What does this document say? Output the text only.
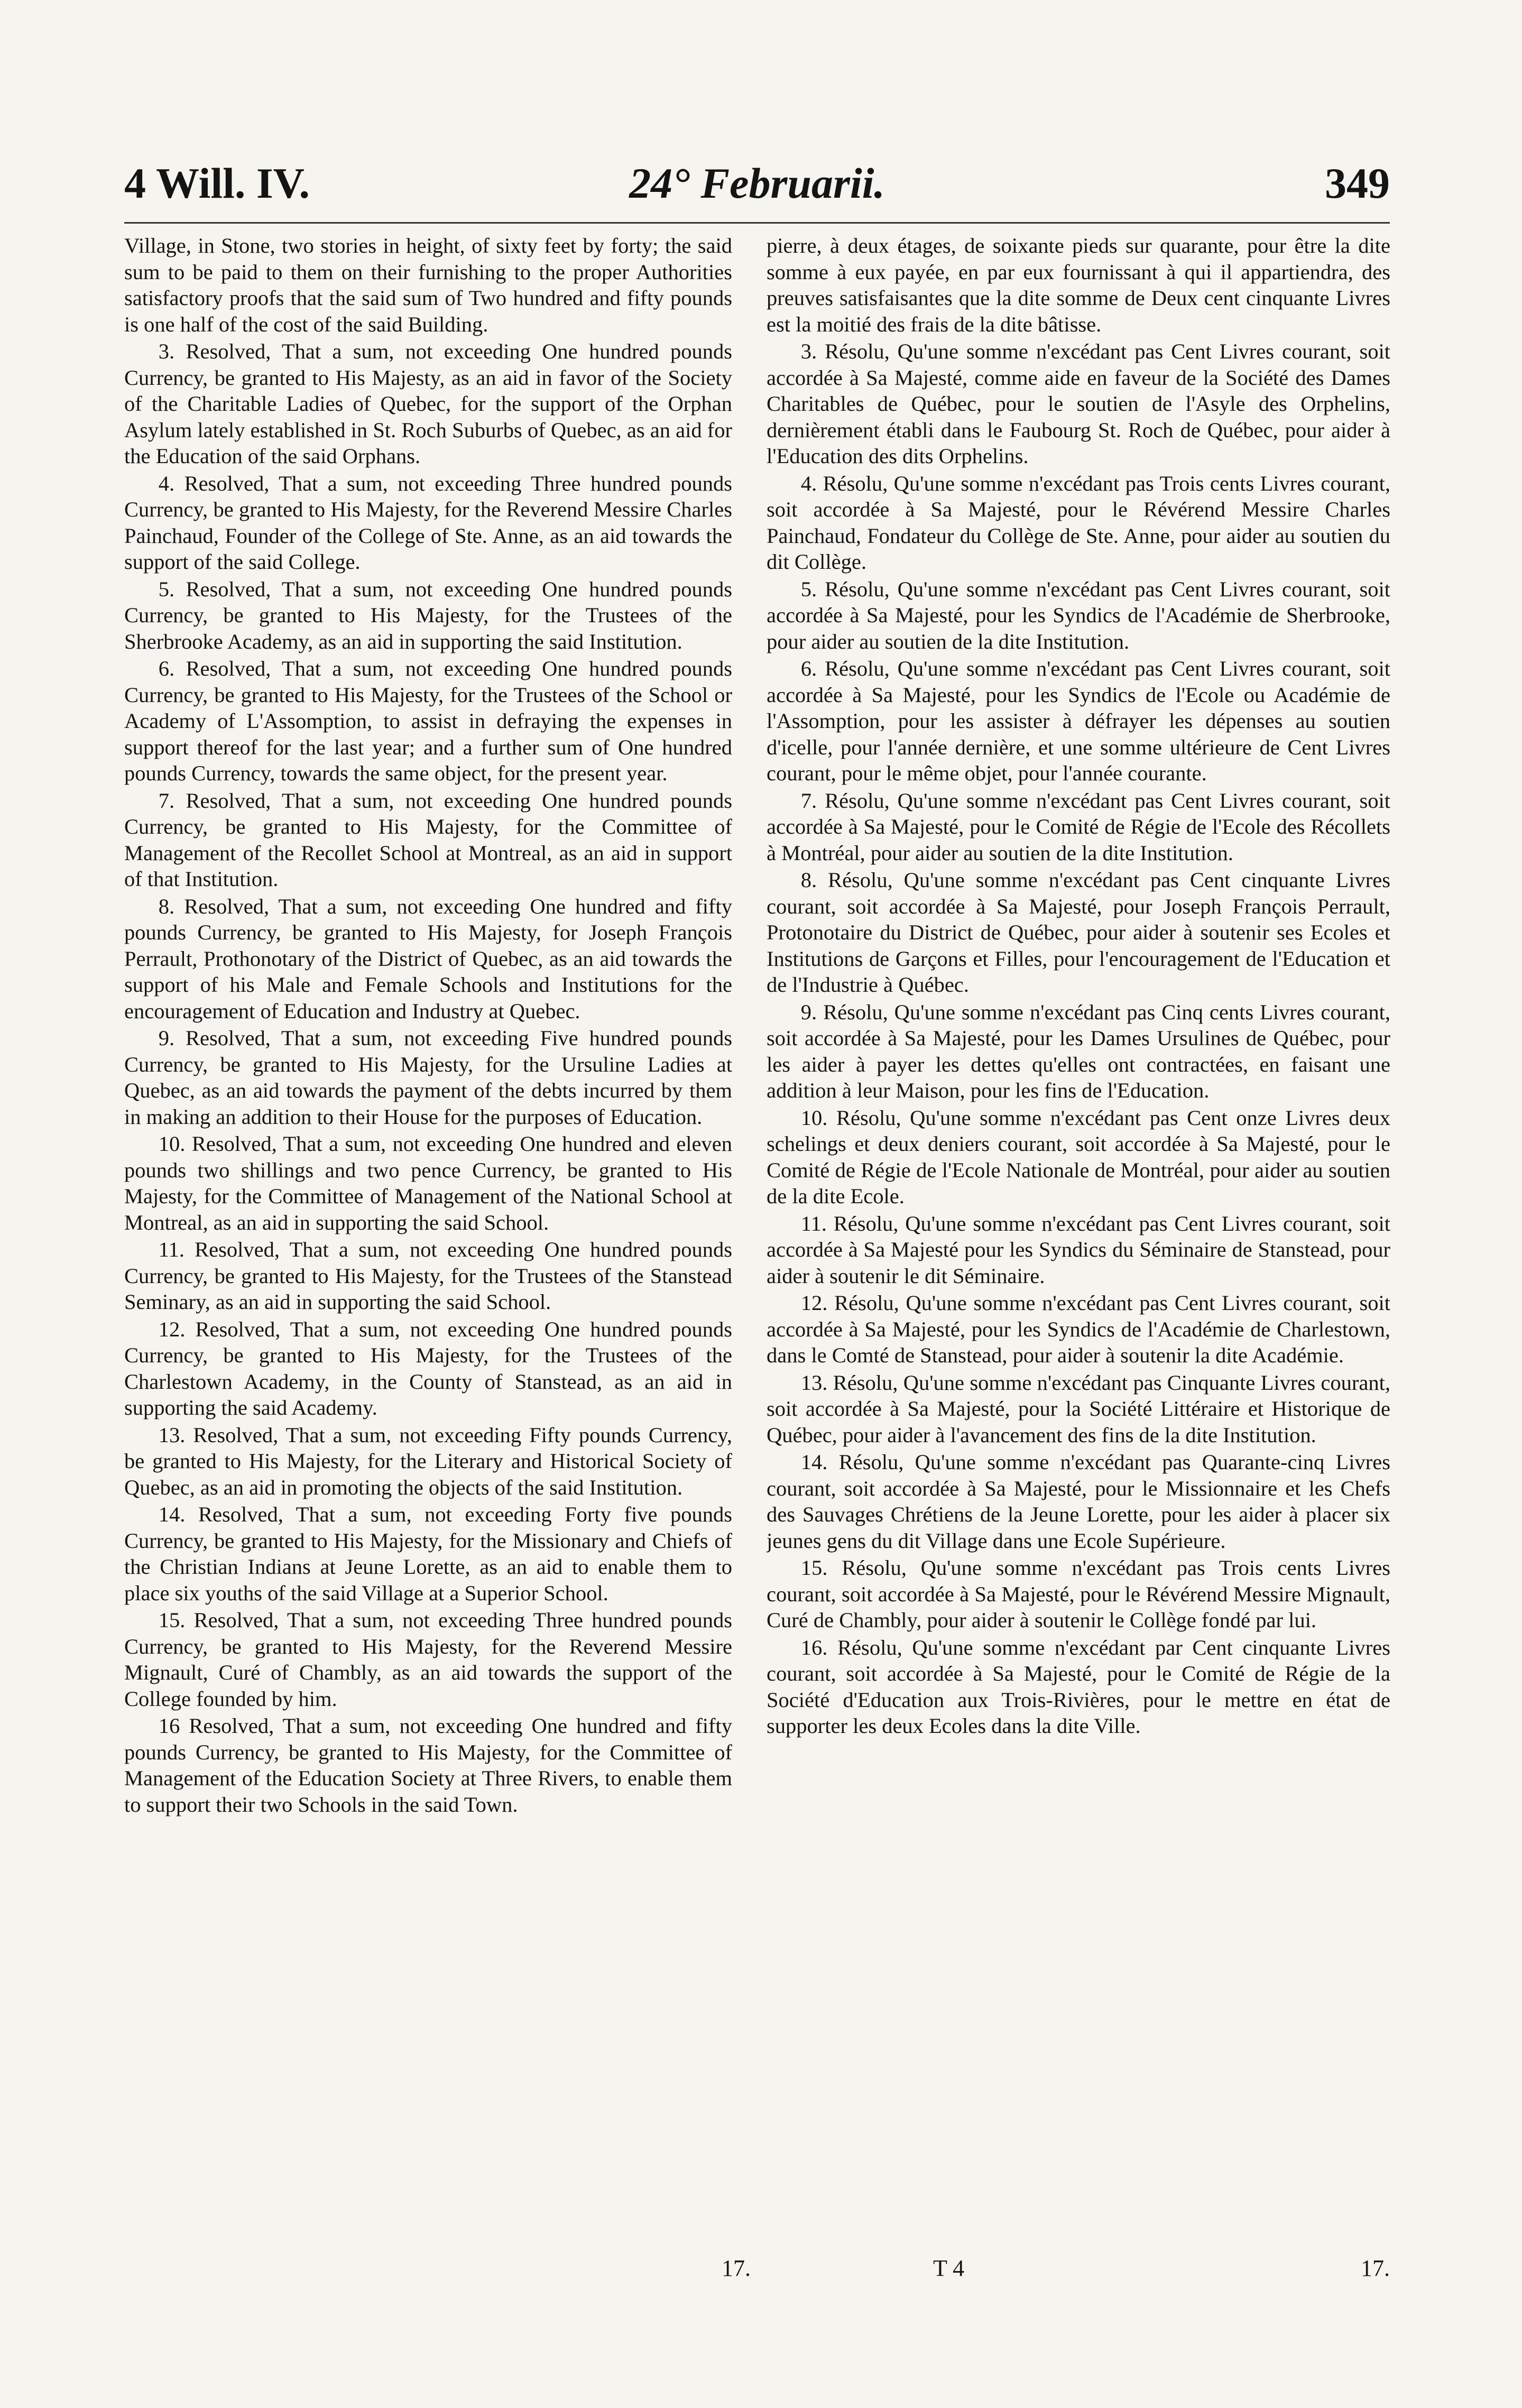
4 Will. IV.	24° Februarii.	349

Village, in Stone, two stories in height, of sixty feet by forty; the said sum to be paid to them on their furnishing to the proper Authorities satisfactory proofs that the said sum of Two hundred and fifty pounds is one half of the cost of the said Building.

3. Resolved, That a sum, not exceeding One hundred pounds Currency, be granted to His Majesty, as an aid in favor of the Society of the Charitable Ladies of Quebec, for the support of the Orphan Asylum lately established in St. Roch Suburbs of Quebec, as an aid for the Education of the said Orphans.

4. Resolved, That a sum, not exceeding Three hundred pounds Currency, be granted to His Majesty, for the Reverend Messire Charles Painchaud, Founder of the College of Ste. Anne, as an aid towards the support of the said College.

5. Resolved, That a sum, not exceeding One hundred pounds Currency, be granted to His Majesty, for the Trustees of the Sherbrooke Academy, as an aid in supporting the said Institution.

6. Resolved, That a sum, not exceeding One hundred pounds Currency, be granted to His Majesty, for the Trustees of the School or Academy of L'Assomption, to assist in defraying the expenses in support thereof for the last year; and a further sum of One hundred pounds Currency, towards the same object, for the present year.

7. Resolved, That a sum, not exceeding One hundred pounds Currency, be granted to His Majesty, for the Committee of Management of the Recollet School at Montreal, as an aid in support of that Institution.

8. Resolved, That a sum, not exceeding One hundred and fifty pounds Currency, be granted to His Majesty, for Joseph François Perrault, Prothonotary of the District of Quebec, as an aid towards the support of his Male and Female Schools and Institutions for the encouragement of Education and Industry at Quebec.

9. Resolved, That a sum, not exceeding Five hundred pounds Currency, be granted to His Majesty, for the Ursuline Ladies at Quebec, as an aid towards the payment of the debts incurred by them in making an addition to their House for the purposes of Education.

10. Resolved, That a sum, not exceeding One hundred and eleven pounds two shillings and two pence Currency, be granted to His Majesty, for the Committee of Management of the National School at Montreal, as an aid in supporting the said School.

11. Resolved, That a sum, not exceeding One hundred pounds Currency, be granted to His Majesty, for the Trustees of the Stanstead Seminary, as an aid in supporting the said School.

12. Resolved, That a sum, not exceeding One hundred pounds Currency, be granted to His Majesty, for the Trustees of the Charlestown Academy, in the County of Stanstead, as an aid in supporting the said Academy.

13. Resolved, That a sum, not exceeding Fifty pounds Currency, be granted to His Majesty, for the Literary and Historical Society of Quebec, as an aid in promoting the objects of the said Institution.

14. Resolved, That a sum, not exceeding Forty five pounds Currency, be granted to His Majesty, for the Missionary and Chiefs of the Christian Indians at Jeune Lorette, as an aid to enable them to place six youths of the said Village at a Superior School.

15. Resolved, That a sum, not exceeding Three hundred pounds Currency, be granted to His Majesty, for the Reverend Messire Mignault, Curé of Chambly, as an aid towards the support of the College founded by him.

16 Resolved, That a sum, not exceeding One hundred and fifty pounds Currency, be granted to His Majesty, for the Committee of Management of the Education Society at Three Rivers, to enable them to support their two Schools in the said Town.

pierre, à deux étages, de soixante pieds sur quarante, pour être la dite somme à eux payée, en par eux fournissant à qui il appartiendra, des preuves satisfaisantes que la dite somme de Deux cent cinquante Livres est la moitié des frais de la dite bâtisse.

3. Résolu, Qu'une somme n'excédant pas Cent Livres courant, soit accordée à Sa Majesté, comme aide en faveur de la Société des Dames Charitables de Québec, pour le soutien de l'Asyle des Orphelins, dernièrement établi dans le Faubourg St. Roch de Québec, pour aider à l'Education des dits Orphelins.

4. Résolu, Qu'une somme n'excédant pas Trois cents Livres courant, soit accordée à Sa Majesté, pour le Révérend Messire Charles Painchaud, Fondateur du Collège de Ste. Anne, pour aider au soutien du dit Collège.

5. Résolu, Qu'une somme n'excédant pas Cent Livres courant, soit accordée à Sa Majesté, pour les Syndics de l'Académie de Sherbrooke, pour aider au soutien de la dite Institution.

6. Résolu, Qu'une somme n'excédant pas Cent Livres courant, soit accordée à Sa Majesté, pour les Syndics de l'Ecole ou Académie de l'Assomption, pour les assister à défrayer les dépenses au soutien d'icelle, pour l'année dernière, et une somme ultérieure de Cent Livres courant, pour le même objet, pour l'année courante.

7. Résolu, Qu'une somme n'excédant pas Cent Livres courant, soit accordée à Sa Majesté, pour le Comité de Régie de l'Ecole des Récollets à Montréal, pour aider au soutien de la dite Institution.

8. Résolu, Qu'une somme n'excédant pas Cent cinquante Livres courant, soit accordée à Sa Majesté, pour Joseph François Perrault, Protonotaire du District de Québec, pour aider à soutenir ses Ecoles et Institutions de Garçons et Filles, pour l'encouragement de l'Education et de l'Industrie à Québec.

9. Résolu, Qu'une somme n'excédant pas Cinq cents Livres courant, soit accordée à Sa Majesté, pour les Dames Ursulines de Québec, pour les aider à payer les dettes qu'elles ont contractées, en faisant une addition à leur Maison, pour les fins de l'Education.

10. Résolu, Qu'une somme n'excédant pas Cent onze Livres deux schelings et deux deniers courant, soit accordée à Sa Majesté, pour le Comité de Régie de l'Ecole Nationale de Montréal, pour aider au soutien de la dite Ecole.

11. Résolu, Qu'une somme n'excédant pas Cent Livres courant, soit accordée à Sa Majesté pour les Syndics du Séminaire de Stanstead, pour aider à soutenir le dit Séminaire.

12. Résolu, Qu'une somme n'excédant pas Cent Livres courant, soit accordée à Sa Majesté, pour les Syndics de l'Académie de Charlestown, dans le Comté de Stanstead, pour aider à soutenir la dite Académie.

13. Résolu, Qu'une somme n'excédant pas Cinquante Livres courant, soit accordée à Sa Majesté, pour la Société Littéraire et Historique de Québec, pour aider à l'avancement des fins de la dite Institution.

14. Résolu, Qu'une somme n'excédant pas Quarante-cinq Livres courant, soit accordée à Sa Majesté, pour le Missionnaire et les Chefs des Sauvages Chrétiens de la Jeune Lorette, pour les aider à placer six jeunes gens du dit Village dans une Ecole Supérieure.

15. Résolu, Qu'une somme n'excédant pas Trois cents Livres courant, soit accordée à Sa Majesté, pour le Révérend Messire Mignault, Curé de Chambly, pour aider à soutenir le Collège fondé par lui.

16. Résolu, Qu'une somme n'excédant par Cent cinquante Livres courant, soit accordée à Sa Majesté, pour le Comité de Régie de la Société d'Education aux Trois-Rivières, pour le mettre en état de supporter les deux Ecoles dans la dite Ville.

17.	T 4	17.
